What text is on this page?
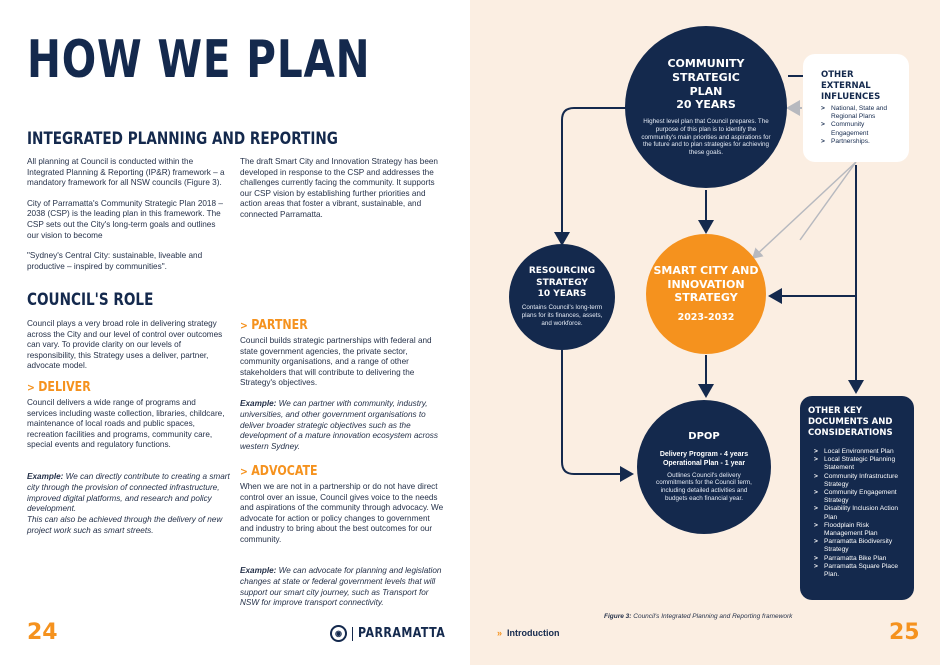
HOW WE PLAN
INTEGRATED PLANNING AND REPORTING

All planning at Council is conducted within the Integrated Planning & Reporting (IP&R) framework – a mandatory framework for all NSW councils (Figure 3).

City of Parramatta's Community Strategic Plan 2018 – 2038 (CSP) is the leading plan in this framework. The CSP sets out the City's long-term goals and outlines our vision to become

"Sydney's Central City: sustainable, liveable and productive – inspired by communities".

The draft Smart City and Innovation Strategy has been developed in response to the CSP and addresses the challenges currently facing the community. It supports our CSP vision by establishing further priorities and action areas that foster a vibrant, sustainable, and connected Parramatta.

COUNCIL'S ROLE
Council plays a very broad role in delivering strategy across the City and our level of control over outcomes can vary. To provide clarity on our levels of responsibility, this Strategy uses a deliver, partner, advocate model.
> DELIVER
Council delivers a wide range of programs and services including waste collection, libraries, childcare, maintenance of local roads and public spaces, recreation facilities and programs, community care, special events and regulatory functions.
Example: We can directly contribute to creating a smart city through the provision of connected infrastructure, improved digital platforms, and research and policy development.
This can also be achieved through the delivery of new project work such as smart streets.
> PARTNER
Council builds strategic partnerships with federal and state government agencies, the private sector, community organisations, and a range of other stakeholders that will contribute to delivering the Strategy's objectives.
Example: We can partner with community, industry, universities, and other government organisations to deliver broader strategic objectives such as the development of a mature innovation ecosystem across western Sydney.
> ADVOCATE
When we are not in a partnership or do not have direct control over an issue, Council gives voice to the needs and aspirations of the community through advocacy. We advocate for action or policy changes to government and industry to bring about the best outcomes for our community.
Example: We can advocate for planning and legislation changes at state or federal government levels that will support our smart city journey, such as Transport for NSW for improve transport connectivity.
24	◉	PARRAMATTA
COMMUNITY STRATEGIC PLAN
20 YEARS
Highest level plan that Council prepares. The purpose of this plan is to identify the community's main priorities and aspirations for the future and to plan strategies for achieving these goals.
RESOURCING STRATEGY
10 YEARS
Contains Council's long-term plans for its finances, assets, and workforce.
SMART CITY AND INNOVATION STRATEGY
2023-2032
DPOP
Delivery Program - 4 years
Operational Plan - 1 year
Outlines Council's delivery commitments for the Council term, including detailed activities and budgets each financial year.
OTHER EXTERNAL INFLUENCES
> National, State and Regional Plans
> Community Engagement
> Partnerships.
OTHER KEY DOCUMENTS AND CONSIDERATIONS
> Local Environment Plan
> Local Strategic Planning Statement
> Community Infrastructure Strategy
> Community Engagement Strategy
> Disability Inclusion Action Plan
> Floodplain Risk Management Plan
> Parramatta Biodiversity Strategy
> Parramatta Bike Plan
> Parramatta Square Place Plan.
Figure 3: Council's Integrated Planning and Reporting framework
» Introduction	25
